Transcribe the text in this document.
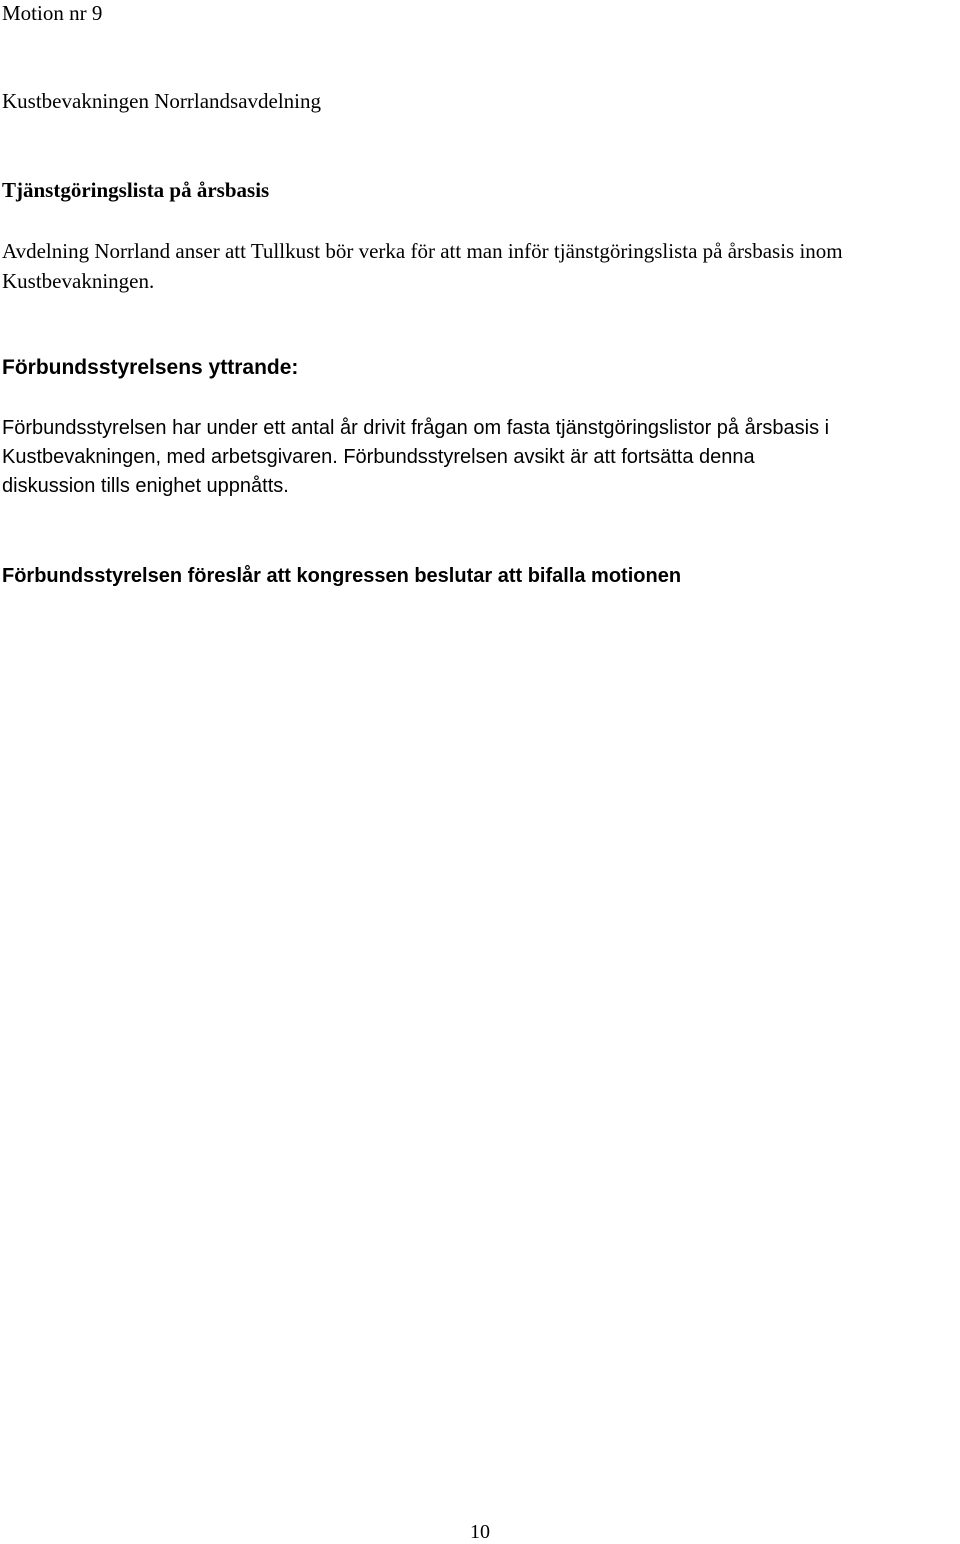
Motion nr 9

Kustbevakningen Norrlandsavdelning

Tjänstgöringslista på årsbasis

Avdelning Norrland anser att Tullkust bör verka för att man inför tjänstgöringslista på årsbasis inom Kustbevakningen.

Förbundsstyrelsens yttrande:

Förbundsstyrelsen har under ett antal år drivit frågan om fasta tjänstgöringslistor på årsbasis i
Kustbevakningen, med arbetsgivaren. Förbundsstyrelsen avsikt är att fortsätta denna
diskussion tills enighet uppnåtts.

Förbundsstyrelsen föreslår att kongressen beslutar att bifalla motionen

10
